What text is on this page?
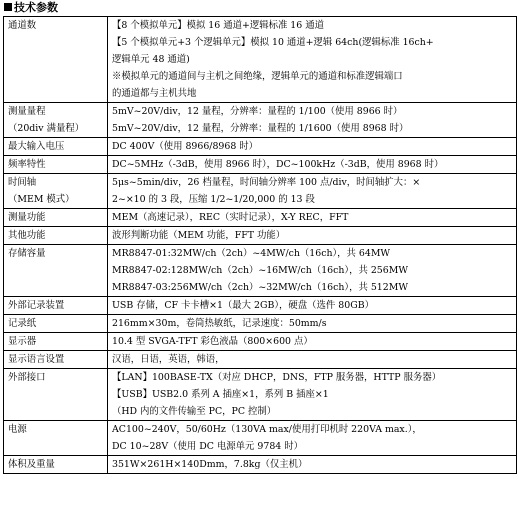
技术参数
通道数	【8 个模拟单元】模拟 16 通道+逻辑标准 16 通道
【5 个模拟单元+3 个逻辑单元】模拟 10 通道+逻辑 64ch(逻辑标准 16ch+
逻辑单元 48 通道)
※模拟单元的通道间与主机之间绝缘，逻辑单元的通道和标准逻辑端口
的通道都与主机共地

测量量程
（20div 满量程）	5mV~20V/div，12 量程，分辨率：量程的 1/100（使用 8966 时）
5mV~20V/div，12 量程，分辨率：量程的 1/1600（使用 8968 时）

最大输入电压	DC 400V（使用 8966/8968 时）

频率特性	DC~5MHz（-3dB，使用 8966 时），DC~100kHz（-3dB，使用 8968 时）

时间轴
（MEM 模式）	5μs~5min/div，26 档量程，时间轴分辨率 100 点/div，时间轴扩大：×
2~×10 的 3 段，压缩 1/2~1/20,000 的 13 段

测量功能	MEM（高速记录），REC（实时记录），X-Y REC，FFT

其他功能	波形判断功能（MEM 功能，FFT 功能）

存储容量	MR8847-01:32MW/ch（2ch）~4MW/ch（16ch），共 64MW
MR8847-02:128MW/ch（2ch）~16MW/ch（16ch），共 256MW
MR8847-03:256MW/ch（2ch）~32MW/ch（16ch），共 512MW

外部记录装置	USB 存储，CF 卡卡槽×1（最大 2GB），硬盘（选件 80GB）

记录纸	216mm×30m，卷筒热敏纸，记录速度：50mm/s

显示器	10.4 型 SVGA-TFT 彩色液晶（800×600 点）

显示语言设置	汉语，日语，英语，韩语，

外部接口	【LAN】100BASE-TX（对应 DHCP，DNS，FTP 服务器，HTTP 服务器）
【USB】USB2.0 系列 A 插座×1，系列 B 插座×1
（HD 内的文件传输至 PC，PC 控制）

电源	AC100~240V，50/60Hz（130VA max/使用打印机时 220VA max.），
DC 10~28V（使用 DC 电源单元 9784 时）

体积及重量	351W×261H×140Dmm，7.8kg（仅主机）
